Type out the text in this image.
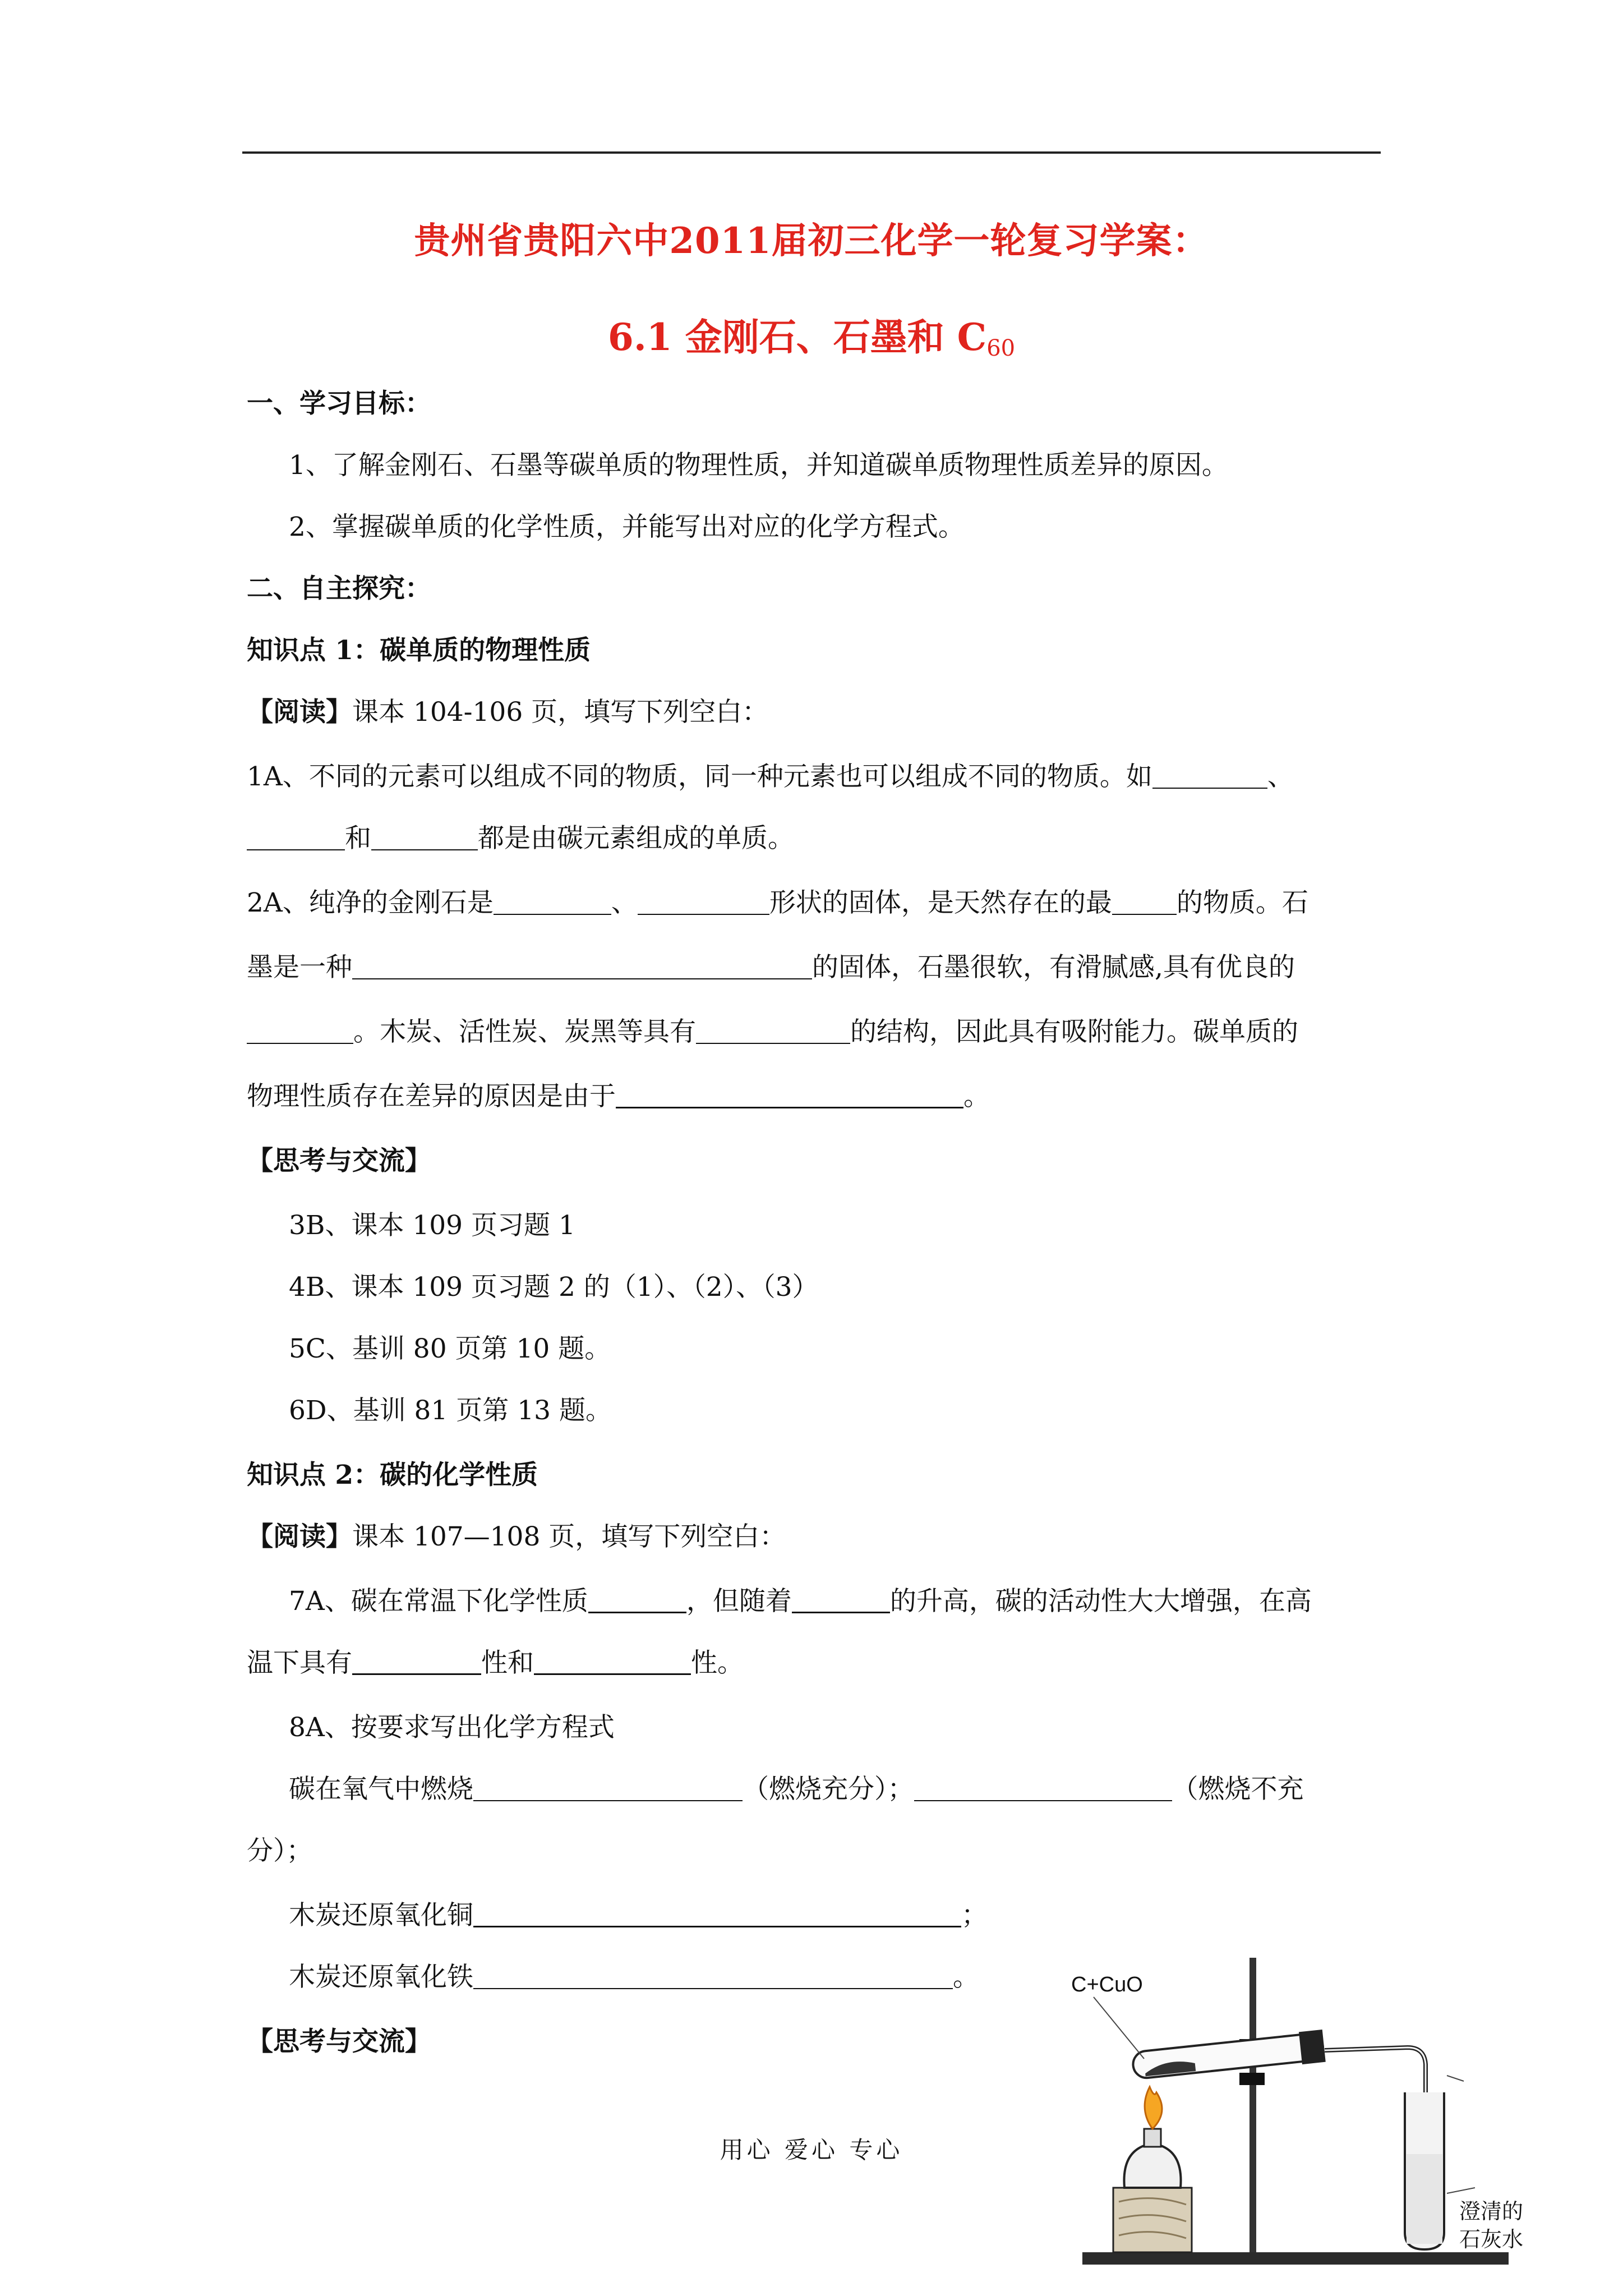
贵州省贵阳六中2011届初三化学一轮复习学案：
6.1 金刚石、石墨和 $C_{60}$
一、学习目标：
1、了解金刚石、石墨等碳单质的物理性质，并知道碳单质物理性质差异的原因。
2、掌握碳单质的化学性质，并能写出对应的化学方程式。
二、自主探究：
知识点 1：碳单质的物理性质
【阅读】课本 104-106 页，填写下列空白：
1A、不同的元素可以组成不同的物质，同一种元素也可以组成不同的物质。如	、
和	都是由碳元素组成的单质。
2A、纯净的金刚石是	、	形状的固体，是天然存在的最 的物质。石
墨是一种	的固体，石墨很软，有滑腻感,具有优良的
。木炭、活性炭、炭黑等具有	的结构，因此具有吸附能力。碳单质的
物理性质存在差异的原因是由于	。
【思考与交流】
3B、课本 109 页习题 1
4B、课本 109 页习题 2 的（1）、（2）、（3）
5C、基训 80 页第 10 题。
6D、基训 81 页第 13 题。
知识点 2：碳的化学性质
【阅读】课本 107—108 页，填写下列空白：
7A、碳在常温下化学性质	，但随着	的升高，碳的活动性大大增强，在高
温下具有	性和	性。
8A、按要求写出化学方程式
碳在氧气中燃烧	（燃烧充分）；	（燃烧不充
分）；
木炭还原氧化铜	；
木炭还原氧化铁	。
【思考与交流】
C+CuO
澄清的
石灰水
用心 爱心 专心
